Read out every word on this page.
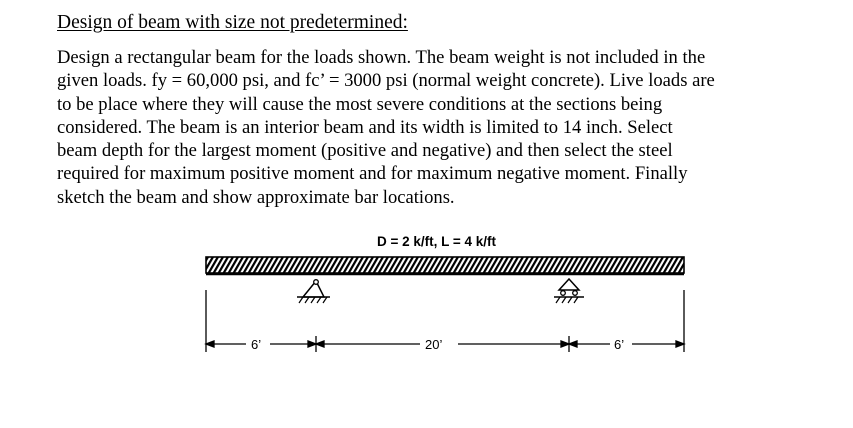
Design of beam with size not predetermined:
Design a rectangular beam for the loads shown. The beam weight is not included in the
given loads. fy = 60,000 psi, and fc’ = 3000 psi (normal weight concrete). Live loads are
to be place where they will cause the most severe conditions at the sections being
considered. The beam is an interior beam and its width is limited to 14 inch. Select
beam depth for the largest moment (positive and negative) and then select the steel
required for maximum positive moment and for maximum negative moment. Finally
sketch the beam and show approximate bar locations.
D = 2 k/ft, L = 4 k/ft
6’	20’	6’
